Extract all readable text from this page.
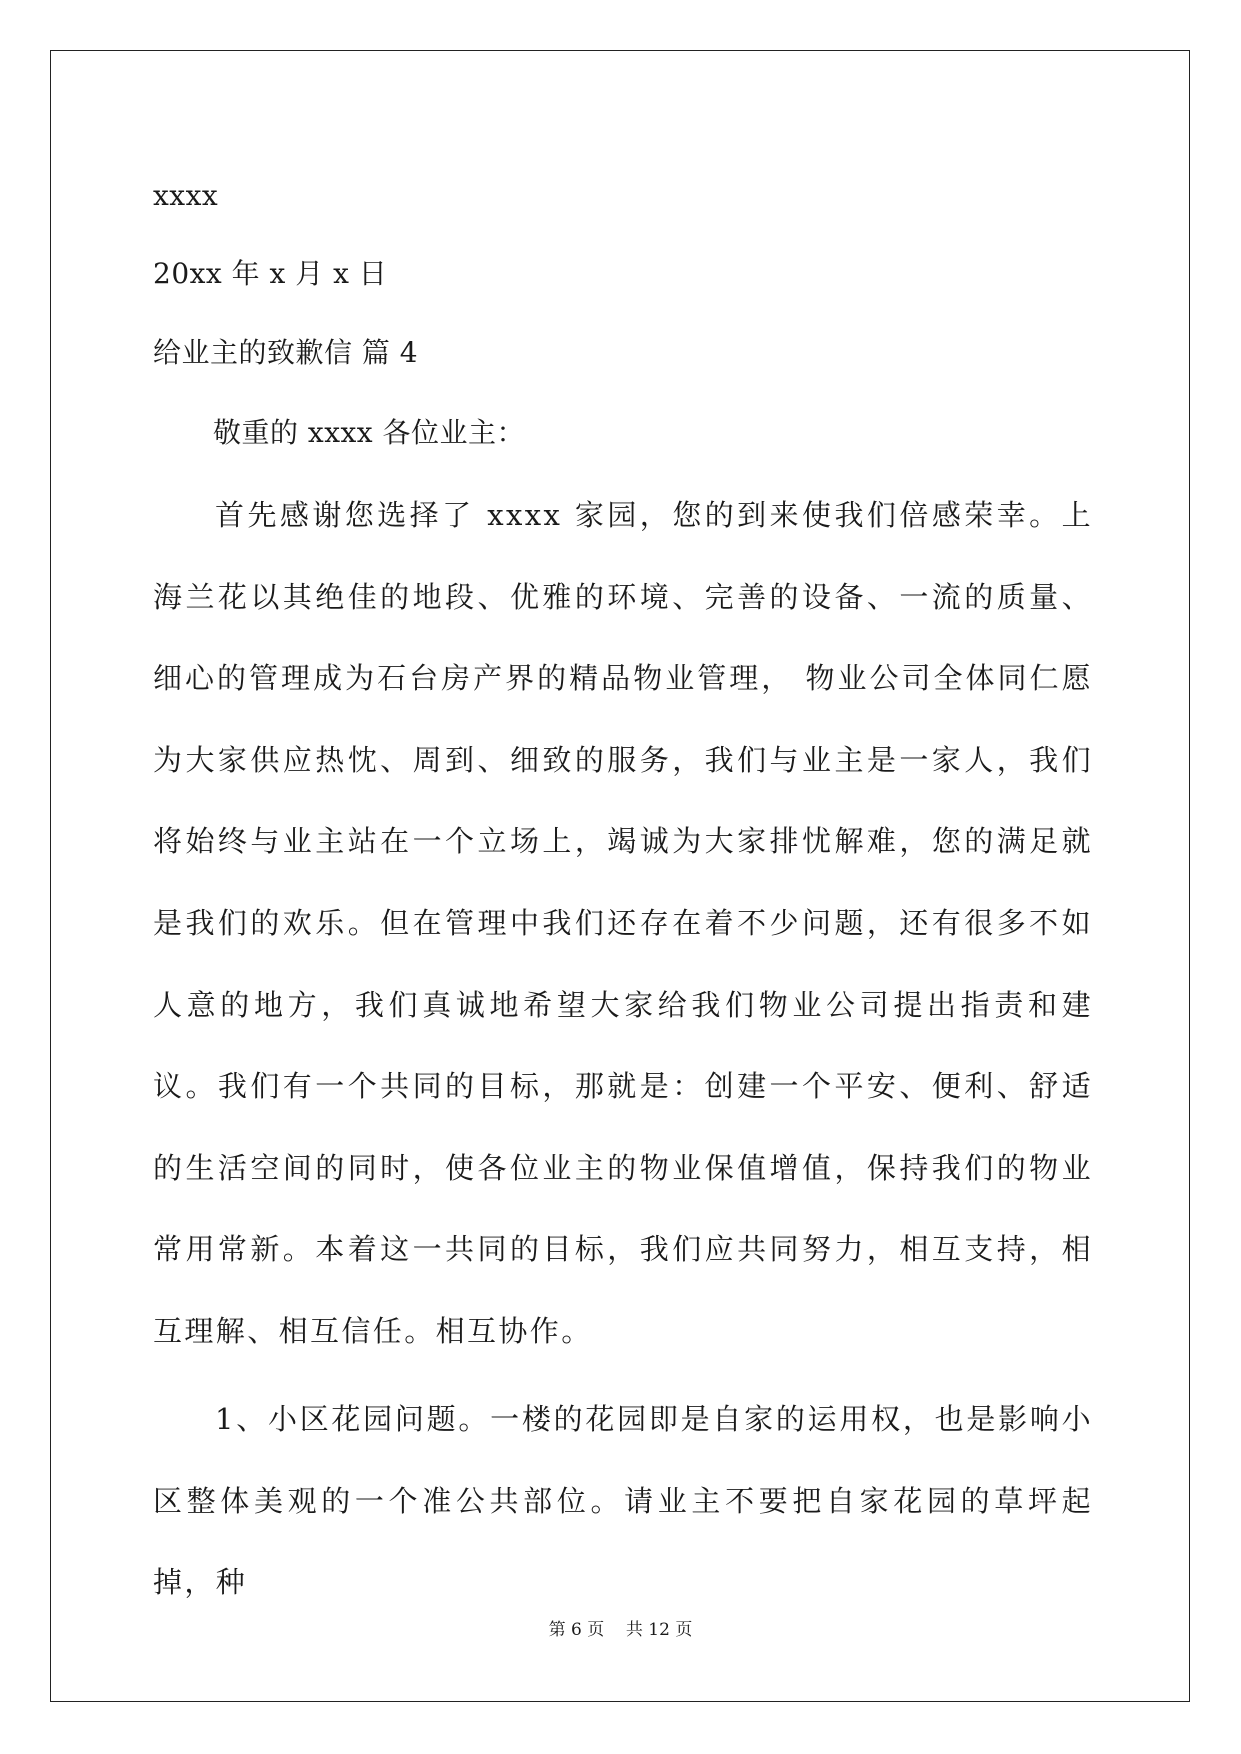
xxxx
20xx 年 x 月 x 日
给业主的致歉信 篇 4
敬重的 xxxx 各位业主：

首先感谢您选择了 xxxx 家园，您的到来使我们倍感荣幸。上海兰花以其绝佳的地段、优雅的环境、完善的设备、一流的质量、细心的管理成为石台房产界的精品物业管理， 物业公司全体同仁愿为大家供应热忱、周到、细致的服务，我们与业主是一家人，我们将始终与业主站在一个立场上，竭诚为大家排忧解难，您的满足就是我们的欢乐。但在管理中我们还存在着不少问题，还有很多不如人意的地方，我们真诚地希望大家给我们物业公司提出指责和建议。我们有一个共同的目标，那就是：创建一个平安、便利、舒适的生活空间的同时，使各位业主的物业保值增值，保持我们的物业常用常新。本着这一共同的目标，我们应共同努力，相互支持，相互理解、相互信任。相互协作。

1、小区花园问题。一楼的花园即是自家的运用权，也是影响小区整体美观的一个准公共部位。请业主不要把自家花园的草坪起掉，种

第 6 页    共 12 页
